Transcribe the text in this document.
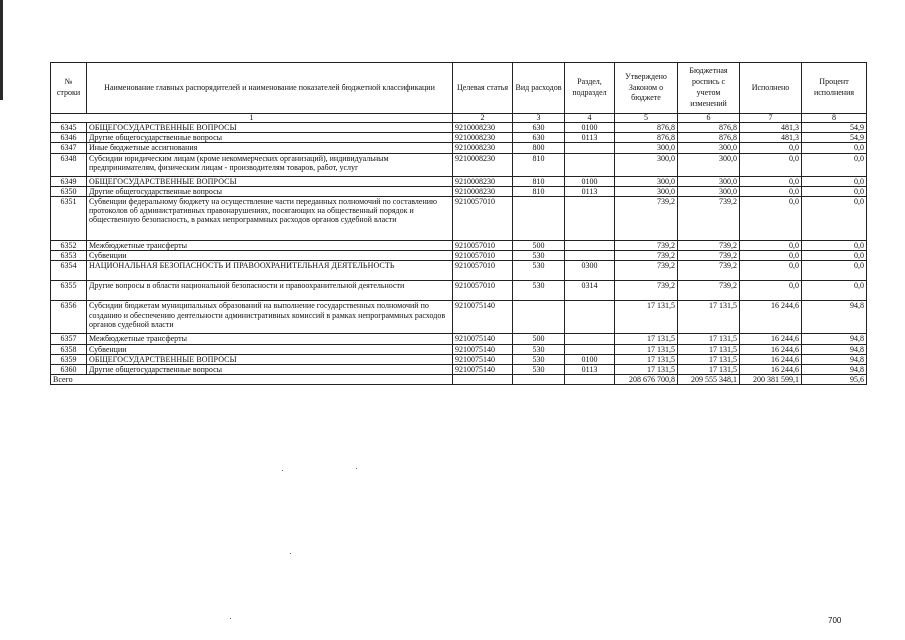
№ строки	Наименование главных распорядителей и наименование показателей бюджетной классификации	Целевая статья	Вид расходов	Раздел, подраздел	Утверждено Законом о бюджете	Бюджетная роспись с учетом изменений	Исполнено	Процент исполнения
1		2	3	4	5	6	7	8
6345	ОБЩЕГОСУДАРСТВЕННЫЕ ВОПРОСЫ	9210008230	630	0100	876,8	876,8	481,3	54,9
6346	Другие общегосударственные вопросы	9210008230	630	0113	876,8	876,8	481,3	54,9
6347	Иные бюджетные ассигнования	9210008230	800		300,0	300,0	0,0	0,0
6348	Субсидии юридическим лицам (кроме некоммерческих организаций), индивидуальным предпринимателям, физическим лицам - производителям товаров, работ, услуг	9210008230	810		300,0	300,0	0,0	0,0
6349	ОБЩЕГОСУДАРСТВЕННЫЕ ВОПРОСЫ	9210008230	810	0100	300,0	300,0	0,0	0,0
6350	Другие общегосударственные вопросы	9210008230	810	0113	300,0	300,0	0,0	0,0
6351	Субвенции федеральному бюджету на осуществление части переданных полномочий по составлению протоколов об административных правонарушениях, посягающих на общественный порядок и общественную безопасность, в рамках непрограммных расходов органов судебной власти	9210057010			739,2	739,2	0,0	0,0
6352	Межбюджетные трансферты	9210057010	500		739,2	739,2	0,0	0,0
6353	Субвенции	9210057010	530		739,2	739,2	0,0	0,0
6354	НАЦИОНАЛЬНАЯ БЕЗОПАСНОСТЬ И ПРАВООХРАНИТЕЛЬНАЯ ДЕЯТЕЛЬНОСТЬ	9210057010	530	0300	739,2	739,2	0,0	0,0
6355	Другие вопросы в области национальной безопасности и правоохранительной деятельности	9210057010	530	0314	739,2	739,2	0,0	0,0
6356	Субсидии бюджетам муниципальных образований на выполнение государственных полномочий по созданию и обеспечению деятельности административных комиссий в рамках непрограммных расходов органов судебной власти	9210075140			17 131,5	17 131,5	16 244,6	94,8
6357	Межбюджетные трансферты	9210075140	500		17 131,5	17 131,5	16 244,6	94,8
6358	Субвенции	9210075140	530		17 131,5	17 131,5	16 244,6	94,8
6359	ОБЩЕГОСУДАРСТВЕННЫЕ ВОПРОСЫ	9210075140	530	0100	17 131,5	17 131,5	16 244,6	94,8
6360	Другие общегосударственные вопросы	9210075140	530	0113	17 131,5	17 131,5	16 244,6	94,8
Всего					208 676 700,8	209 555 348,1	200 381 599,1	95,6
700
